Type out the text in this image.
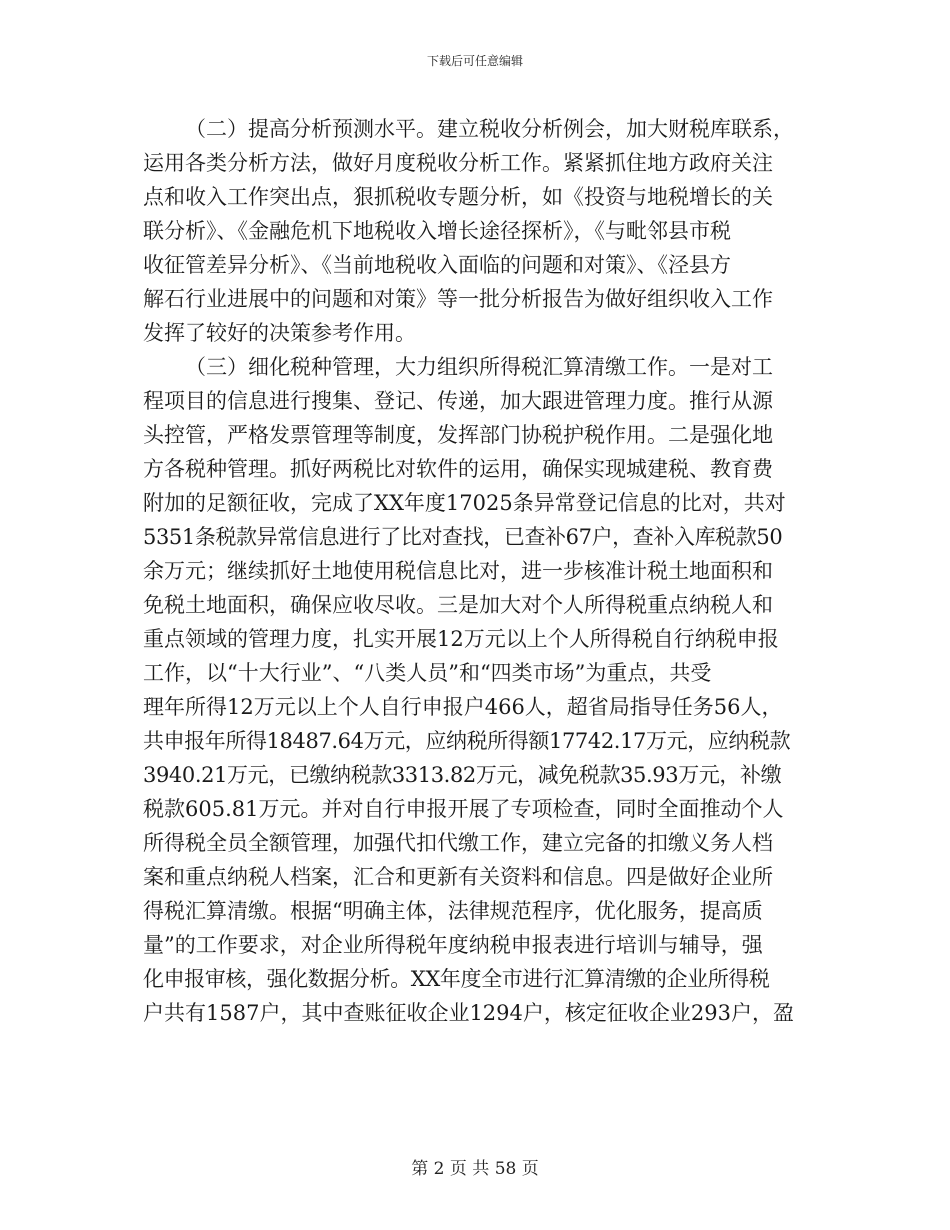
下载后可任意编辑
（二）提高分析预测水平。建立税收分析例会，加大财税库联系，
运用各类分析方法，做好月度税收分析工作。紧紧抓住地方政府关注
点和收入工作突出点，狠抓税收专题分析，如《投资与地税增长的关
联分析》、《金融危机下地税收入增长途径探析》，《与毗邻县市税
收征管差异分析》、《当前地税收入面临的问题和对策》、《泾县方
解石行业进展中的问题和对策》等一批分析报告为做好组织收入工作
发挥了较好的决策参考作用。
（三）细化税种管理，大力组织所得税汇算清缴工作。一是对工
程项目的信息进行搜集、登记、传递，加大跟进管理力度。推行从源
头控管，严格发票管理等制度，发挥部门协税护税作用。二是强化地
方各税种管理。抓好两税比对软件的运用，确保实现城建税、教育费
附加的足额征收，完成了XX年度17025条异常登记信息的比对，共对
5351条税款异常信息进行了比对查找，已查补67户，查补入库税款50
余万元；继续抓好土地使用税信息比对，进一步核准计税土地面积和
免税土地面积，确保应收尽收。三是加大对个人所得税重点纳税人和
重点领域的管理力度，扎实开展12万元以上个人所得税自行纳税申报
工作，以“十大行业”、“八类人员”和“四类市场”为重点，共受
理年所得12万元以上个人自行申报户466人，超省局指导任务56人，
共申报年所得18487.64万元，应纳税所得额17742.17万元，应纳税款
3940.21万元，已缴纳税款3313.82万元，减免税款35.93万元，补缴
税款605.81万元。并对自行申报开展了专项检查，同时全面推动个人
所得税全员全额管理，加强代扣代缴工作，建立完备的扣缴义务人档
案和重点纳税人档案，汇合和更新有关资料和信息。四是做好企业所
得税汇算清缴。根据“明确主体，法律规范程序，优化服务，提高质
量”的工作要求，对企业所得税年度纳税申报表进行培训与辅导，强
化申报审核，强化数据分析。XX年度全市进行汇算清缴的企业所得税
户共有1587户，其中查账征收企业1294户，核定征收企业293户，盈
第 2 页 共 58 页
